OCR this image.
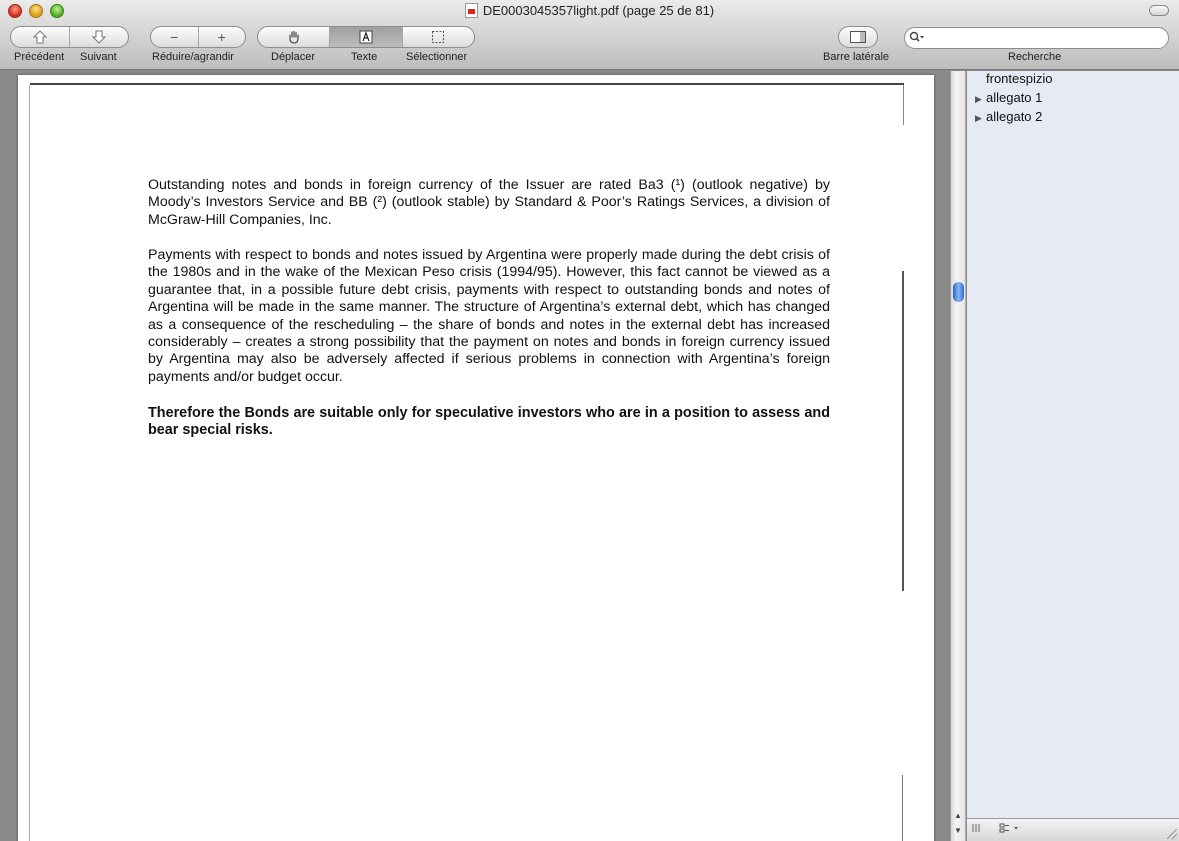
DE0003045357light.pdf (page 25 de 81)
Précédent Suivant
−	+
Réduire/agrandir	Déplacer	Texte	Sélectionner	Barre latérale	Recherche

Outstanding notes and bonds in foreign currency of the Issuer are rated Ba3 (¹) (outlook negative) by Moody’s Investors Service and BB (²) (outlook stable) by Standard & Poor’s Ratings Services, a division of McGraw-Hill Companies, Inc.

Payments with respect to bonds and notes issued by Argentina were properly made during the debt crisis of the 1980s and in the wake of the Mexican Peso crisis (1994/95). However, this fact cannot be viewed as a guarantee that, in a possible future debt crisis, payments with respect to outstanding bonds and notes of Argentina will be made in the same manner. The structure of Argentina’s external debt, which has changed as a consequence of the rescheduling – the share of bonds and notes in the external debt has increased considerably – creates a strong possibility that the payment on notes and bonds in foreign currency issued by Argentina may also be adversely affected if serious problems in connection with Argentina’s foreign payments and/or budget occur.

Therefore the Bonds are suitable only for speculative investors who are in a position to assess and bear special risks.

▲
▼
frontespizio
▶ allegato 1
▶ allegato 2
